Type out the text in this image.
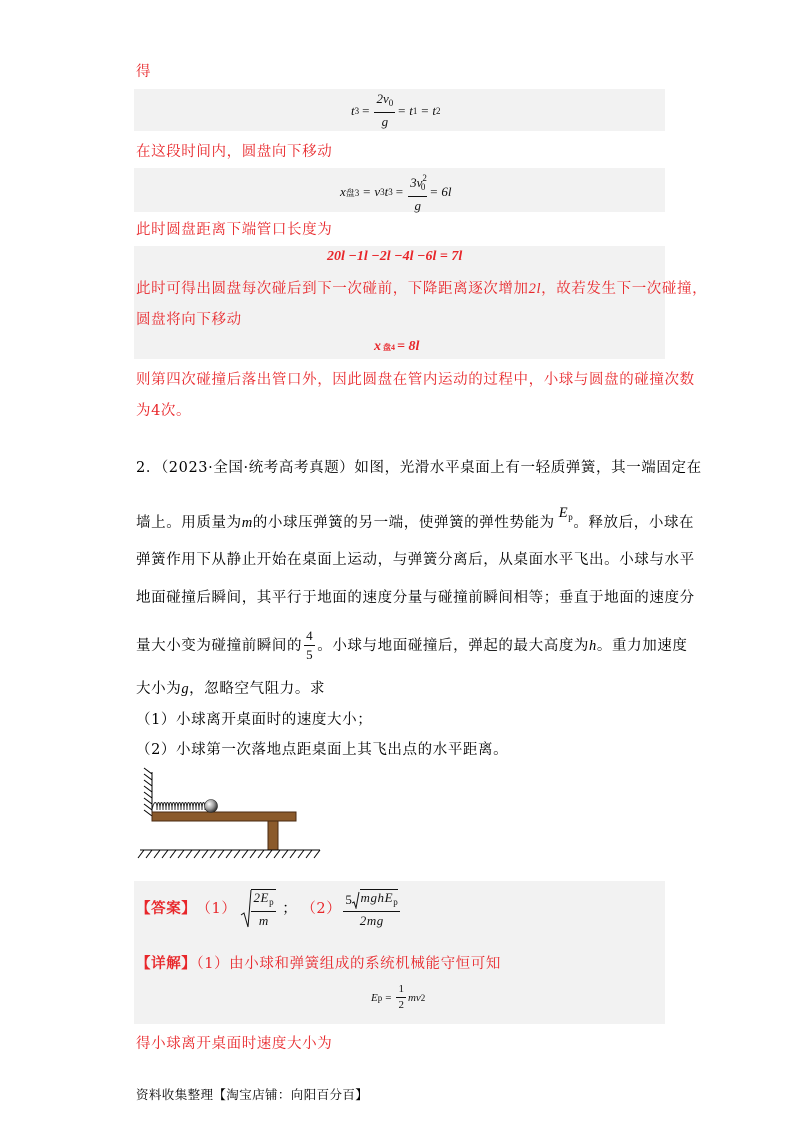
得
t $3 = \frac{2v_0}{g} = t$ 1 = t 2
在这段时间内，圆盘向下移动
x 盘3 = v 3 t $3 = \frac{3v^2_0}{g} = 6l$
此时圆盘距离下端管口长度为
20l −1l −2l −4l −6l = 7l
此时可得出圆盘每次碰后到下一次碰前，下降距离逐次增加2l，故若发生下一次碰撞，
圆盘将向下移动
x 盘4 = 8l
则第四次碰撞后落出管口外，因此圆盘在管内运动的过程中，小球与圆盘的碰撞次数
为4次。
2．（2023·全国·统考高考真题）如图，光滑水平桌面上有一轻质弹簧，其一端固定在
墙上。用质量为 m 的小球压弹簧的另一端，使弹簧的弹性势能为
$E_p$ 。释放后，小球在
弹簧作用下从静止开始在桌面上运动，与弹簧分离后，从桌面水平飞出。小球与水平
地面碰撞后瞬间，其平行于地面的速度分量与碰撞前瞬间相等；垂直于地面的速度分
量大小变为碰撞前瞬间的 $\frac{4}{5}$ 。小球与地面碰撞后，弹起的最大高度为 h 。重力加速度
大小为g，忽略空气阻力。求
（1）小球离开桌面时的速度大小；
（2）小球第一次落地点距桌面上其飞出点的水平距离。
【答案】 $(1) \frac{2E_p}{m}$ ； $(2) \frac{5 mghE_p}{2mg}$
【详解】（1）由小球和弹簧组成的系统机械能守恒可知
E $p = \frac{1}{2}$ mv 2
得小球离开桌面时速度大小为
资料收集整理【淘宝店铺：向阳百分百】
